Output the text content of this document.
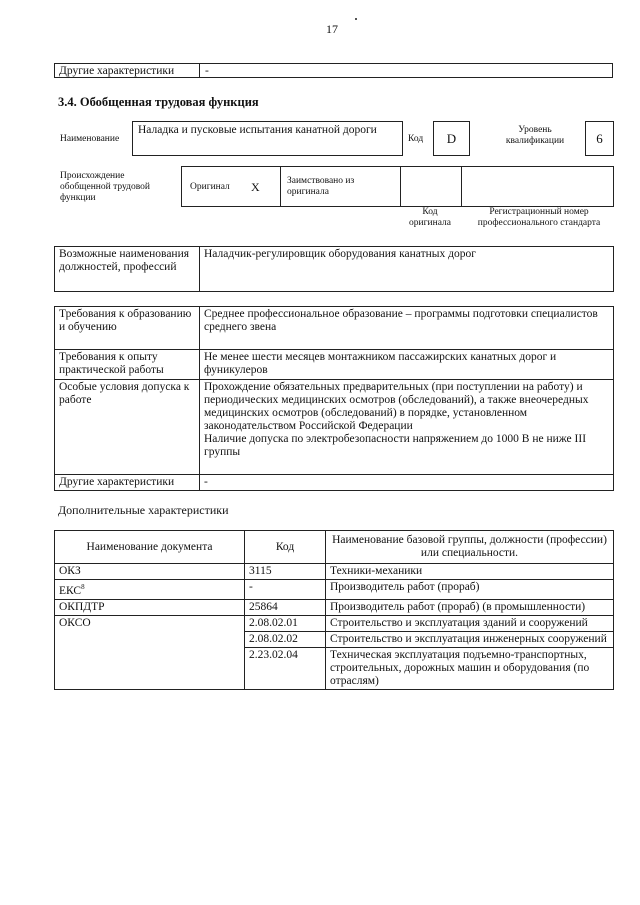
17
Другие характеристики	-
3.4. Обобщенная трудовая функция
Наименование
Наладка и пусковые испытания канатной дороги
Код	D
Уровень квалификации	6
Происхождение обобщенной трудовой функции
Оригинал X	Заимствовано из оригинала
Код оригинала
Регистрационный номер профессионального стандарта
Возможные наименования должностей, профессий	Наладчик-регулировщик оборудования канатных дорог
Требования к образованию и обучению	Среднее профессиональное образование – программы подготовки специалистов среднего звена
Требования к опыту практической работы	Не менее шести месяцев монтажником пассажирских канатных дорог и фуникулеров
Особые условия допуска к работе	Прохождение обязательных предварительных (при поступлении на работу) и периодических медицинских осмотров (обследований), а также внеочередных медицинских осмотров (обследований) в порядке, установленном законодательством Российской Федерации
Наличие допуска по электробезопасности напряжением до 1000 В не ниже III группы

Другие характеристики	-
Дополнительные характеристики
Наименование документа	Код	Наименование базовой группы, должности (профессии) или специальности.
ОКЗ	3115	Техники-механики
ЕКС$^8$	-	Производитель работ (прораб)
ОКПДТР	25864	Производитель работ (прораб) (в промышленности)
ОКСО	2.08.02.01	Строительство и эксплуатация зданий и сооружений
	2.08.02.02	Строительство и эксплуатация инженерных сооружений
	2.23.02.04	Техническая эксплуатация подъемно-транспортных, строительных, дорожных машин и оборудования (по отраслям)
